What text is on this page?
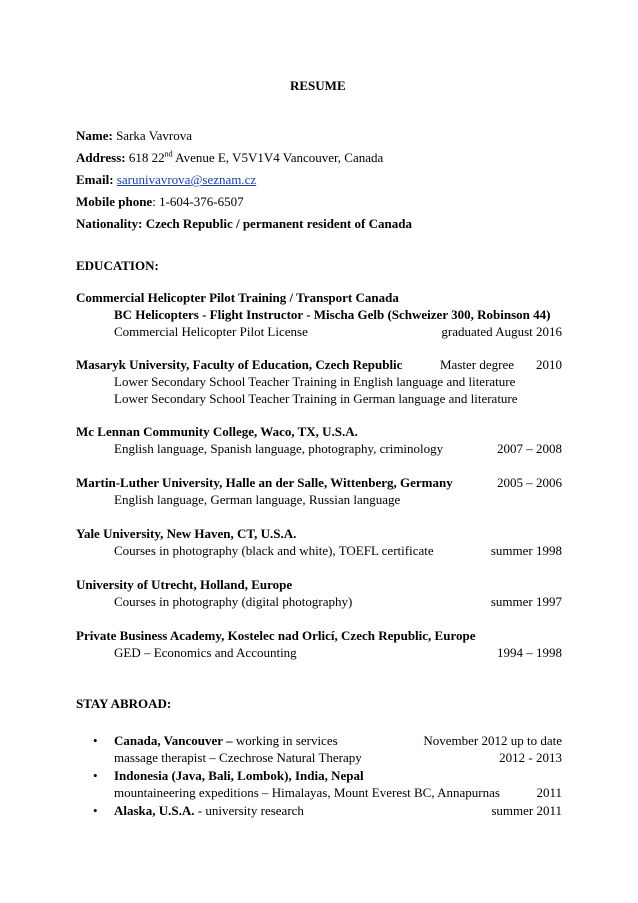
RESUME
Name: Sarka Vavrova
Address: 618 22nd Avenue E, V5V1V4 Vancouver, Canada
Email: sarunivavrova@seznam.cz
Mobile phone: 1-604-376-6507
Nationality: Czech Republic / permanent resident of Canada
EDUCATION:
Commercial Helicopter Pilot Training / Transport Canada
BC Helicopters - Flight Instructor - Mischa Gelb (Schweizer 300, Robinson 44)
Commercial Helicopter Pilot License	graduated August 2016
Masaryk University, Faculty of Education, Czech Republic	Master degree 2010
Lower Secondary School Teacher Training in English language and literature
Lower Secondary School Teacher Training in German language and literature
Mc Lennan Community College, Waco, TX, U.S.A.
English language, Spanish language, photography, criminology	2007 – 2008
Martin-Luther University, Halle an der Salle, Wittenberg, Germany	2005 – 2006
English language, German language, Russian language
Yale University, New Haven, CT, U.S.A.
Courses in photography (black and white), TOEFL certificate	summer 1998
University of Utrecht, Holland, Europe
Courses in photography (digital photography)	summer 1997
Private Business Academy, Kostelec nad Orlicí, Czech Republic, Europe
GED – Economics and Accounting	1994 – 1998
STAY ABROAD:
• Canada, Vancouver – working in services	November 2012 up to date
massage therapist – Czechrose Natural Therapy	2012 - 2013
• Indonesia (Java, Bali, Lombok), India, Nepal
mountaineering expeditions – Himalayas, Mount Everest BC, Annapurnas	2011
• Alaska, U.S.A. - university research	summer 2011
